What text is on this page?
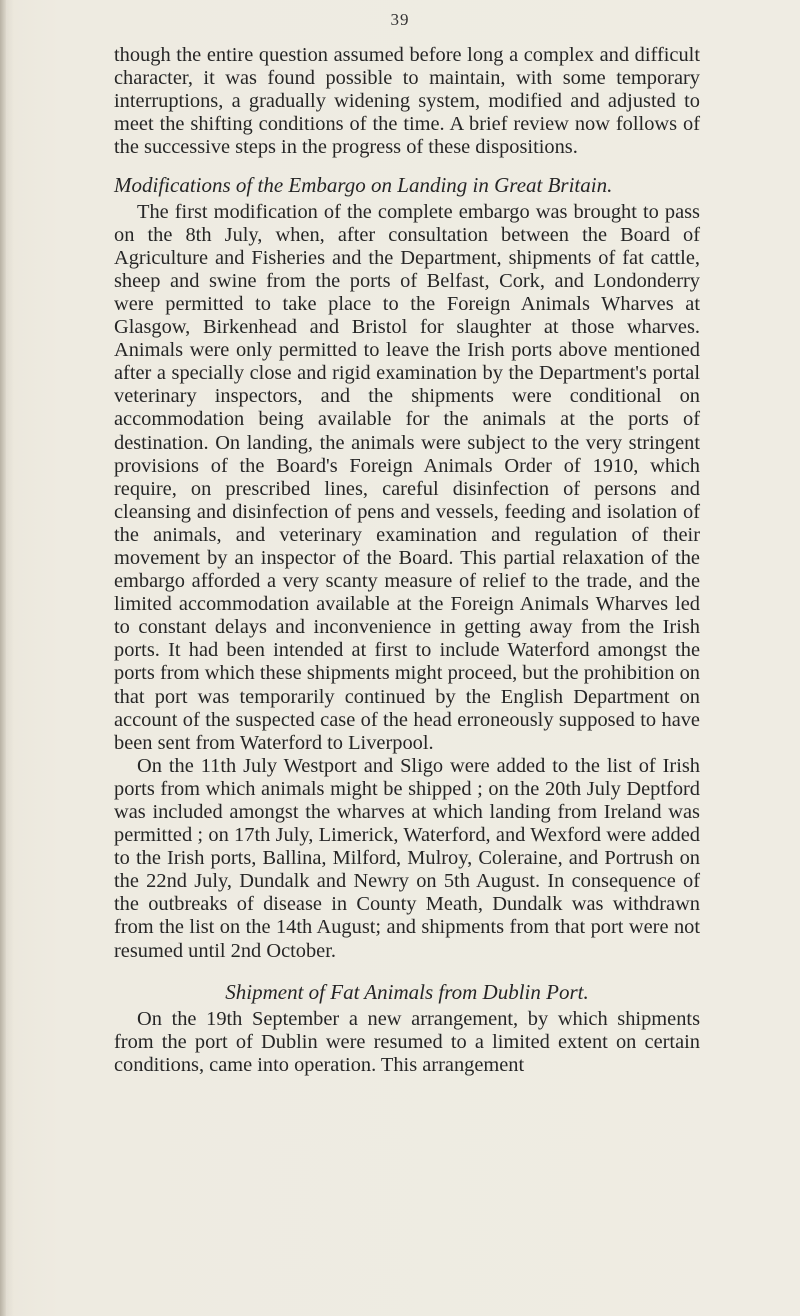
39

though the entire question assumed before long a complex and difficult character, it was found possible to maintain, with some temporary interruptions, a gradually widening system, modified and adjusted to meet the shifting conditions of the time. A brief review now follows of the successive steps in the progress of these dispositions.

Modifications of the Embargo on Landing in Great Britain.

The first modification of the complete embargo was brought to pass on the 8th July, when, after consultation between the Board of Agriculture and Fisheries and the Department, shipments of fat cattle, sheep and swine from the ports of Belfast, Cork, and Londonderry were permitted to take place to the Foreign Animals Wharves at Glasgow, Birkenhead and Bristol for slaughter at those wharves. Animals were only permitted to leave the Irish ports above mentioned after a specially close and rigid examination by the Department's portal veterinary inspectors, and the shipments were conditional on accommodation being available for the animals at the ports of destination. On landing, the animals were subject to the very stringent provisions of the Board's Foreign Animals Order of 1910, which require, on prescribed lines, careful disinfection of persons and cleansing and disinfection of pens and vessels, feeding and isolation of the animals, and veterinary examination and regulation of their movement by an inspector of the Board. This partial relaxation of the embargo afforded a very scanty measure of relief to the trade, and the limited accommodation available at the Foreign Animals Wharves led to constant delays and inconvenience in getting away from the Irish ports. It had been intended at first to include Waterford amongst the ports from which these shipments might proceed, but the prohibition on that port was temporarily continued by the English Department on account of the suspected case of the head erroneously supposed to have been sent from Waterford to Liverpool.

On the 11th July Westport and Sligo were added to the list of Irish ports from which animals might be shipped ; on the 20th July Deptford was included amongst the wharves at which landing from Ireland was permitted ; on 17th July, Limerick, Waterford, and Wexford were added to the Irish ports, Ballina, Milford, Mulroy, Coleraine, and Portrush on the 22nd July, Dundalk and Newry on 5th August. In consequence of the outbreaks of disease in County Meath, Dundalk was withdrawn from the list on the 14th August; and shipments from that port were not resumed until 2nd October.

Shipment of Fat Animals from Dublin Port.

On the 19th September a new arrangement, by which shipments from the port of Dublin were resumed to a limited extent on certain conditions, came into operation. This arrangement
